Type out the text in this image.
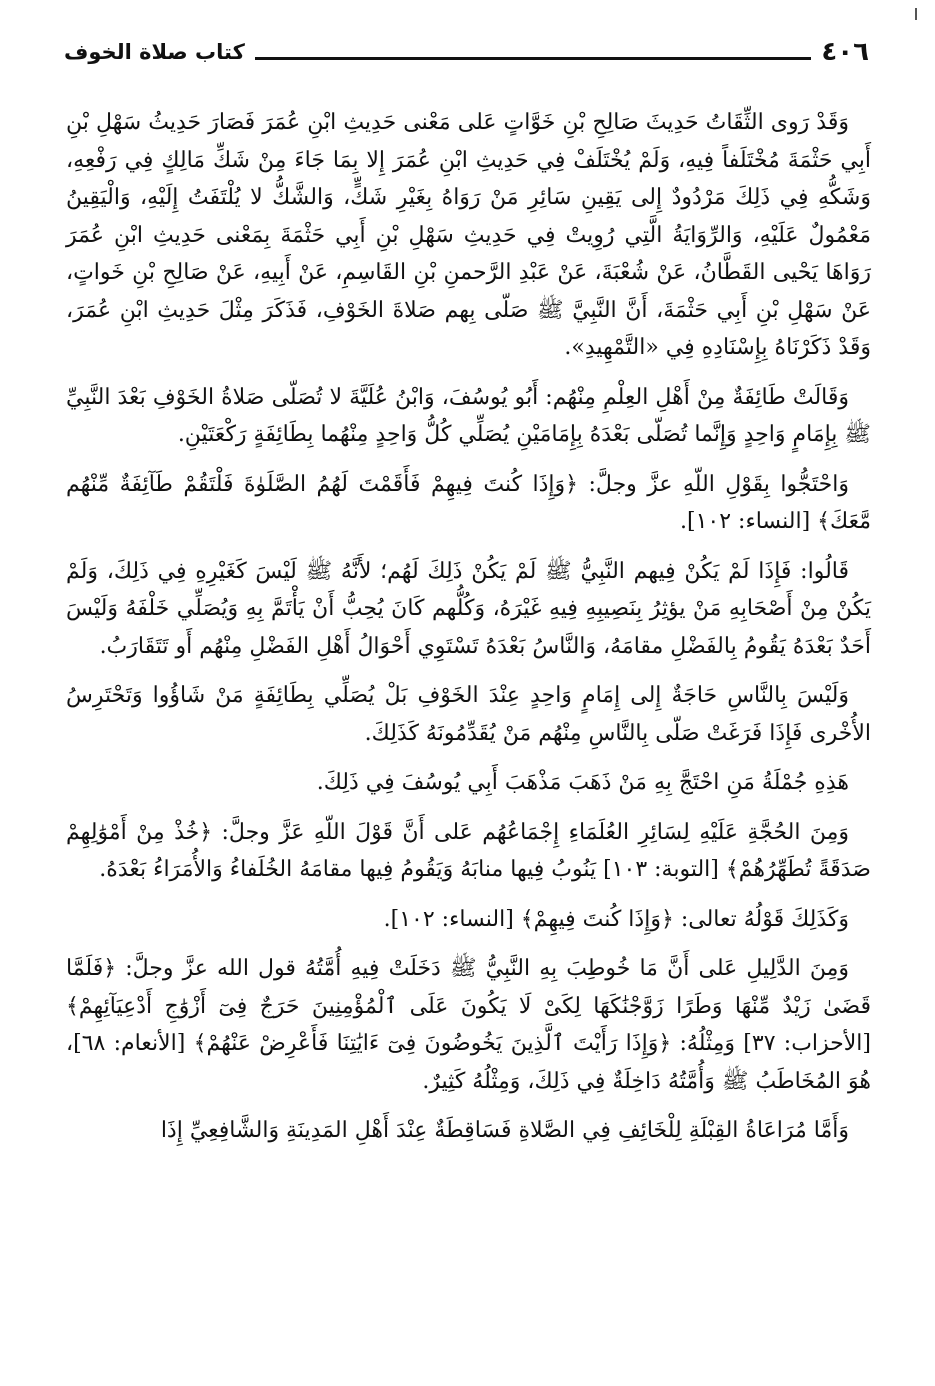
كتاب صلاة الخوف	٤٠٦

وَقَدْ رَوى الثِّقَاتُ حَدِيثَ صَالِحِ بْنِ خَوَّاتٍ عَلى مَعْنى حَدِيثِ ابْنِ عُمَرَ فَصَارَ حَدِيثُ سَهْلِ بْنِ أَبِي حَثْمَةَ مُخْتَلَفاً فِيهِ، وَلَمْ يُخْتَلَفْ فِي حَدِيثِ ابْنِ عُمَرَ إِلا بِمَا جَاءَ مِنْ شَكِّ مَالِكٍ فِي رَفْعِهِ، وَشَكُّهِ فِي ذَلِكَ مَرْدُودٌ إِلى يَقِينِ سَائِرِ مَنْ رَوَاهُ بِغَيْرِ شَكٍّ، وَالشَّكُّ لا يُلْتَفَتُ إِلَيْهِ، وَالْيَقِينُ مَعْمُولٌ عَلَيْهِ، وَالرِّوَايَةُ الَّتِي رُوِيتْ فِي حَدِيثِ سَهْلِ بْنِ أَبِي حَثْمَةَ بِمَعْنى حَدِيثِ ابْنِ عُمَرَ رَوَاهَا يَحْيى القَطَّانُ، عَنْ شُعْبَةَ، عَنْ عَبْدِ الرَّحمنِ بْنِ القَاسِمِ، عَنْ أَبِيهِ، عَنْ صَالِحِ بْنِ خَواتٍ، عَنْ سَهْلِ بْنِ أَبِي حَثْمَةَ، أَنَّ النَّبِيَّ ﷺ صَلّى بِهم صَلاةَ الخَوْفِ، فَذَكَرَ مِثْلَ حَدِيثِ ابْنِ عُمَرَ، وَقَدْ ذَكَرْنَاهُ بِإِسْنَادِهِ فِي «التَّمْهِيدِ».

وَقَالَتْ طَائِفَةٌ مِنْ أَهْلِ العِلْمِ مِنْهُم: أَبُو يُوسُفَ، وَابْنُ عُلَيَّةَ لا تُصَلّى صَلاةُ الخَوْفِ بَعْدَ النَّبِيِّ ﷺ بِإِمَامٍ وَاحِدٍ وَإِنَّما تُصَلّى بَعْدَهُ بِإِمَامَيْنِ يُصَلِّي كُلُّ وَاحِدٍ مِنْهُما بِطَائِفَةٍ رَكْعَتَيْنِ.

وَاحْتَجُّوا بِقَوْلِ اللّهِ عزَّ وجلَّ: ﴿وَإِذَا كُنتَ فِيهِمْ فَأَقَمْتَ لَهُمُ الصَّلَوٰةَ فَلْتَقُمْ طَآئِفَةٌ مِّنْهُم مَّعَكَ﴾ [النساء: ١٠٢].

قَالُوا: فَإِذَا لَمْ يَكُنْ فِيهم النَّبِيُّ ﷺ لَمْ يَكُنْ ذَلِكَ لَهُم؛ لأَنَّهُ ﷺ لَيْسَ كَغَيْرِهِ فِي ذَلِكَ، وَلَمْ يَكُنْ مِنْ أَصْحَابِهِ مَنْ يؤثِرُ بِنَصِيبِهِ فِيهِ غَيْرَهُ، وَكُلُّهم كَانَ يُحِبُّ أَنْ يَأْتَمَّ بِهِ وَيُصَلِّي خَلْفَهُ وَلَيْسَ أَحَدٌ بَعْدَهُ يَقُومُ بِالفَضْلِ مقامَهُ، وَالنَّاسُ بَعْدَهُ تَسْتَوِي أَحْوَالُ أَهْلِ الفَضْلِ مِنْهُم أَو تَتَقَارَبُ.

وَلَيْسَ بِالنَّاسِ حَاجَةٌ إِلى إِمَامٍ وَاحِدٍ عِنْدَ الخَوْفِ بَلْ يُصَلِّي بِطَائِفَةٍ مَنْ شَاؤُوا وَتَحْتَرِسُ الأُخْرى فَإِذَا فَرَغَتْ صَلّى بِالنَّاسِ مِنْهُم مَنْ يُقَدِّمُونَهُ كَذَلِكَ.

هَذِهِ جُمْلَةُ مَنِ احْتَجَّ بِهِ مَنْ ذَهَبَ مَذْهَبَ أَبِي يُوسُفَ فِي ذَلِكَ.

وَمِنَ الحُجَّةِ عَلَيْهِ لِسَائِرِ العُلَمَاءِ إِجْمَاعُهُم عَلى أَنَّ قَوْلَ اللّهِ عَزَّ وجلَّ: ﴿خُذْ مِنْ أَمْوَٰلِهِمْ صَدَقَةً تُطَهِّرُهُمْ﴾ [التوبة: ١٠٣] يَنُوبُ فِيها منابَهُ وَيَقُومُ فِيها مقامَهُ الخُلَفاءُ وَالأُمَرَاءُ بَعْدَهُ.

وَكَذَلِكَ قَوْلُهُ تعالى: ﴿وَإِذَا كُنتَ فِيهِمْ﴾ [النساء: ١٠٢].

وَمِنَ الدَّلِيلِ عَلى أَنَّ مَا خُوطِبَ بِهِ النَّبِيُّ ﷺ دَخَلَتْ فِيهِ أُمَّتُهُ قول الله عزَّ وجلَّ: ﴿فَلَمَّا قَضَىٰ زَيْدٌ مِّنْهَا وَطَرًا زَوَّجْنَٰكَهَا لِكَىْ لَا يَكُونَ عَلَى ٱلْمُؤْمِنِينَ حَرَجٌ فِىٓ أَزْوَٰجِ أَدْعِيَآئِهِمْ﴾ [الأحزاب: ٣٧] وَمِثْلُهُ: ﴿وَإِذَا رَأَيْتَ ٱلَّذِينَ يَخُوضُونَ فِىٓ ءَايَٰتِنَا فَأَعْرِضْ عَنْهُمْ﴾ [الأنعام: ٦٨]، هُوَ المُخَاطَبُ ﷺ وَأُمَّتُهُ دَاخِلَةٌ فِي ذَلِكَ، وَمِثْلُهُ كَثِيرٌ.

وَأَمَّا مُرَاعَاةُ القِبْلَةِ لِلْخَائِفِ فِي الصَّلاةِ فَسَاقِطَةٌ عِنْدَ أَهْلِ المَدِينَةِ وَالشَّافِعِيِّ إِذَا
